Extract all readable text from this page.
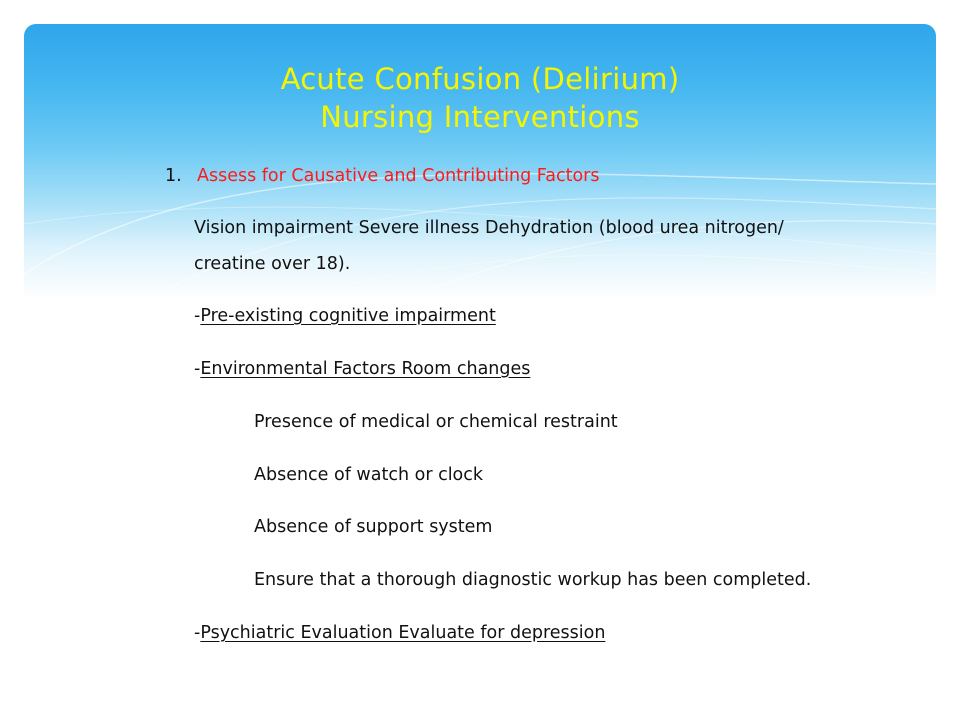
Acute Confusion (Delirium)
Nursing Interventions
1. Assess for Causative and Contributing Factors
Vision impairment Severe illness Dehydration (blood urea nitrogen/
creatine over 18).
-Pre-existing cognitive impairment
-Environmental Factors Room changes
Presence of medical or chemical restraint
Absence of watch or clock
Absence of support system
Ensure that a thorough diagnostic workup has been completed.
-Psychiatric Evaluation Evaluate for depression
